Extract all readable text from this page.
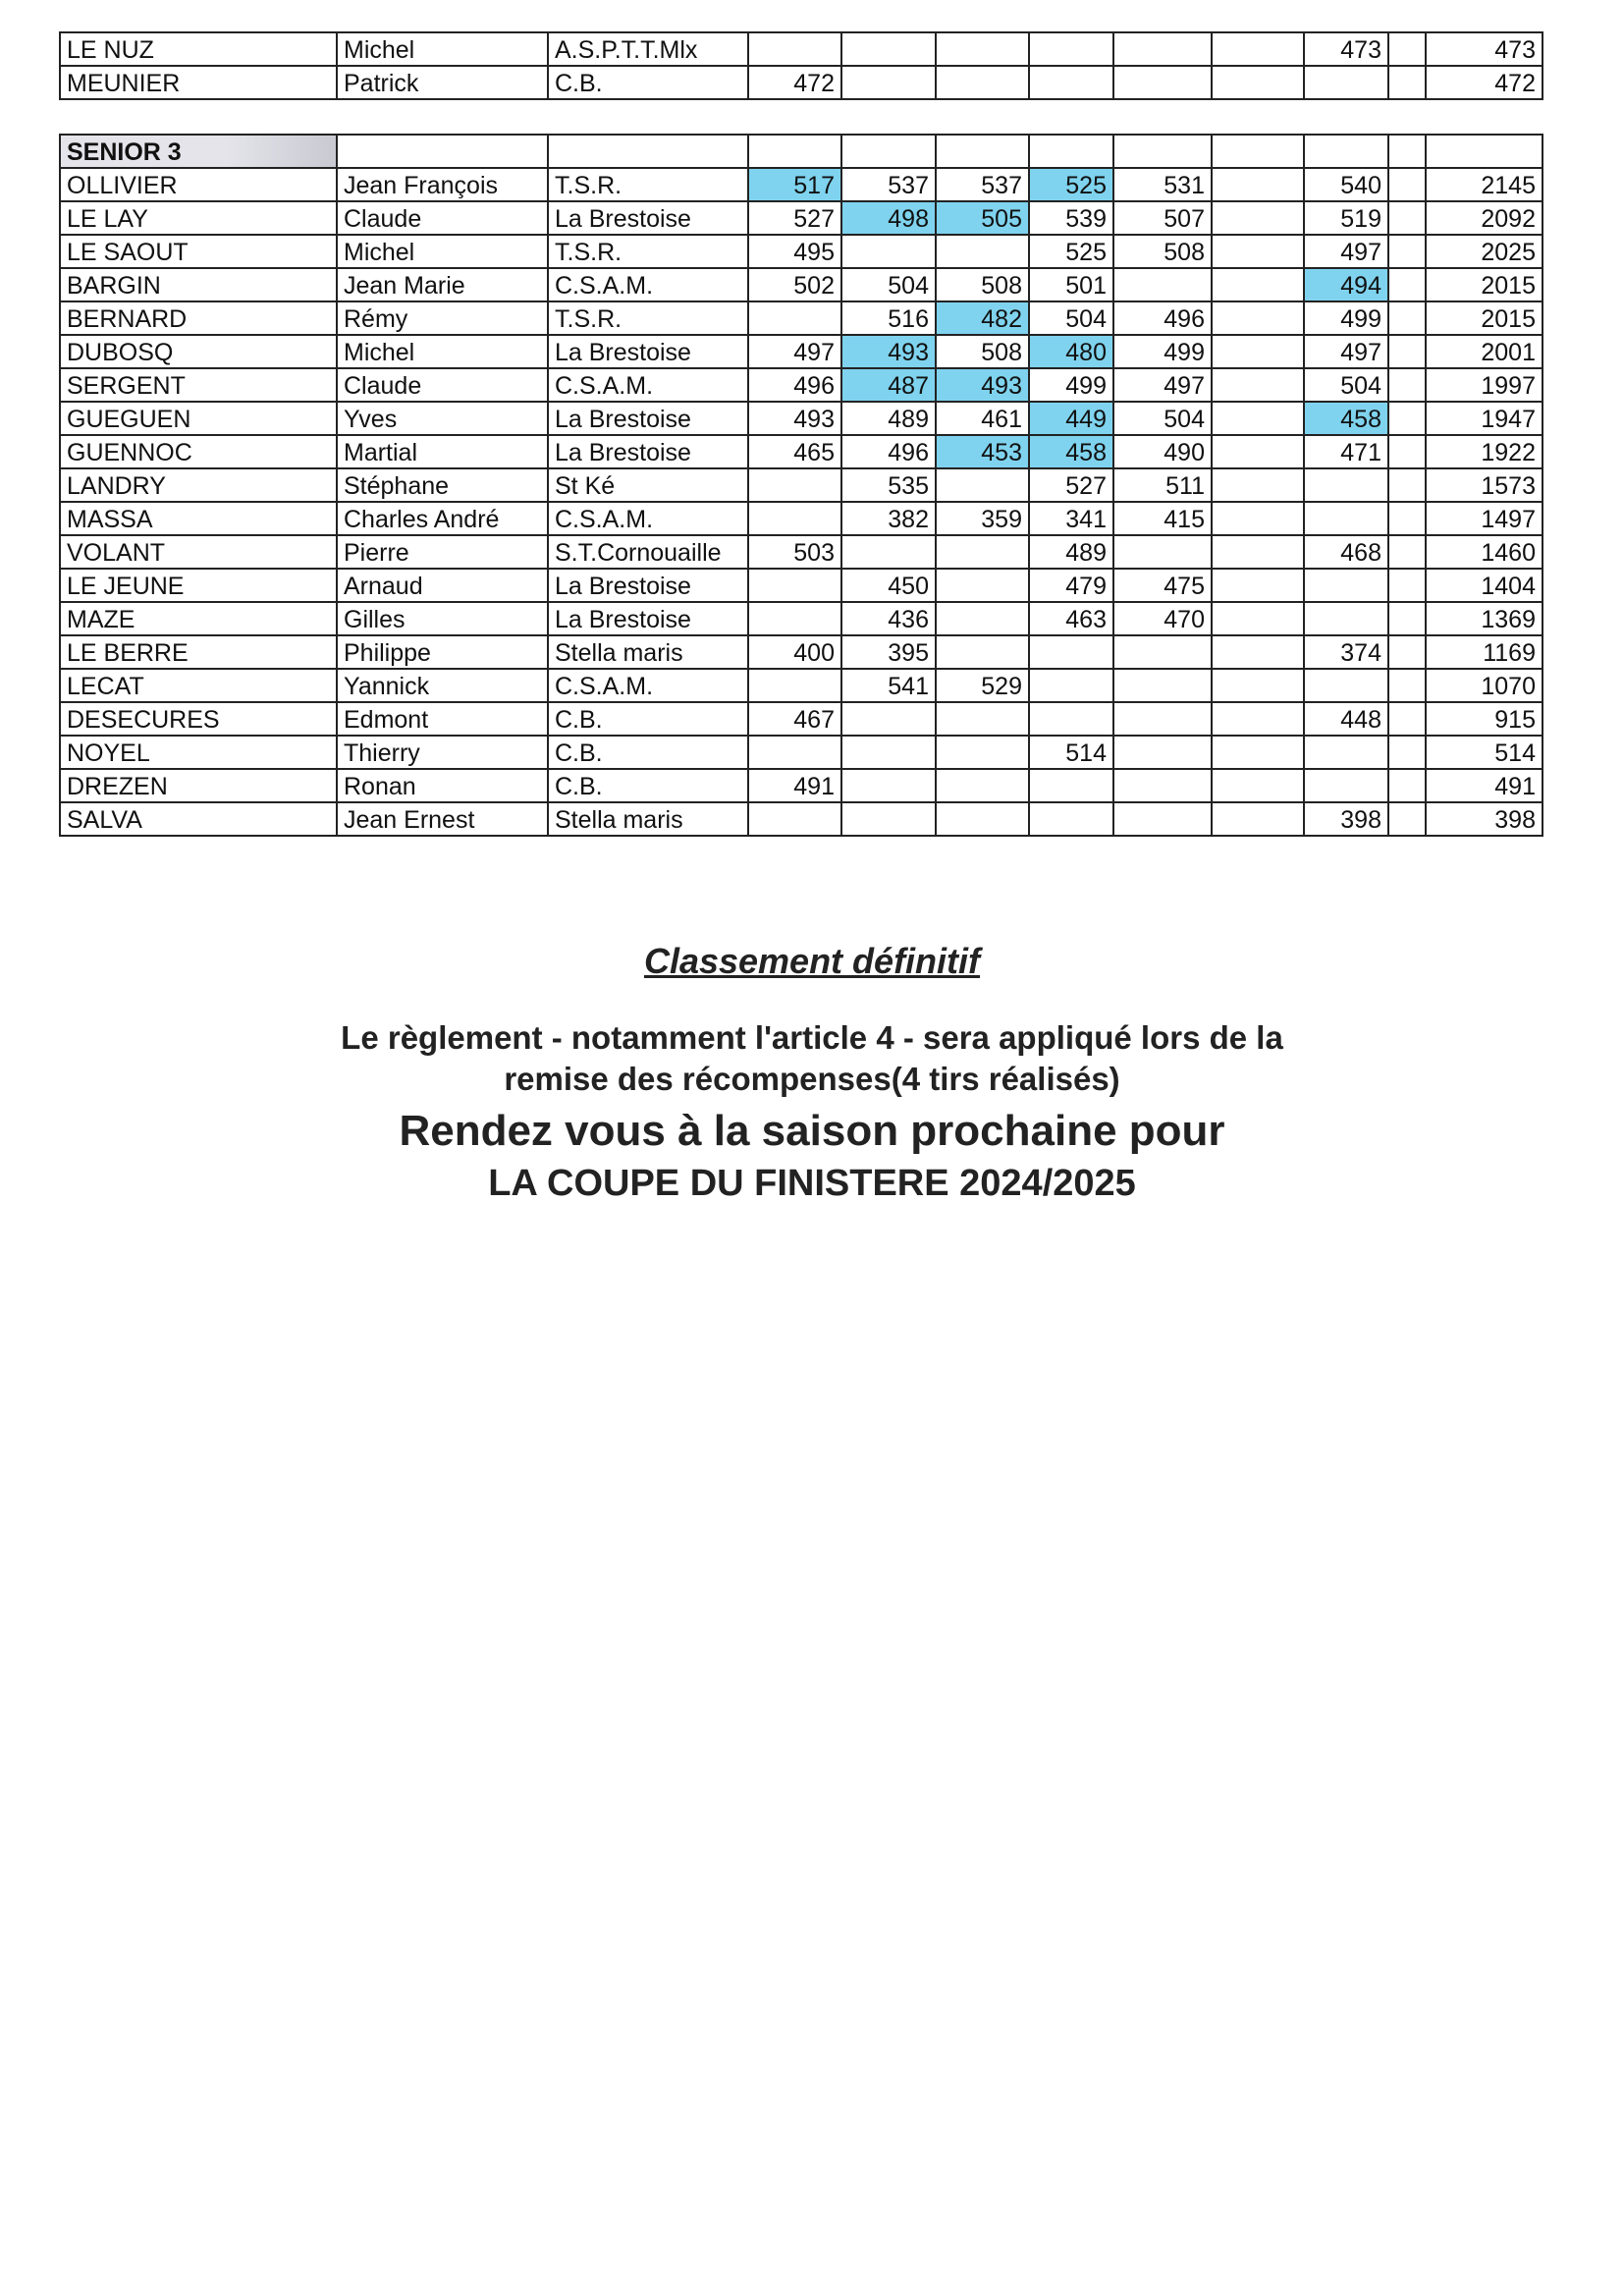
LE NUZ	Michel	A.S.P.T.T.Mlx							473		473
MEUNIER	Patrick	C.B.	472								472
SENIOR 3											
OLLIVIER	Jean François	T.S.R.	517	537	537	525	531		540		2145
LE LAY	Claude	La Brestoise	527	498	505	539	507		519		2092
LE SAOUT	Michel	T.S.R.	495			525	508		497		2025
BARGIN	Jean Marie	C.S.A.M.	502	504	508	501			494		2015
BERNARD	Rémy	T.S.R.		516	482	504	496		499		2015
DUBOSQ	Michel	La Brestoise	497	493	508	480	499		497		2001
SERGENT	Claude	C.S.A.M.	496	487	493	499	497		504		1997
GUEGUEN	Yves	La Brestoise	493	489	461	449	504		458		1947
GUENNOC	Martial	La Brestoise	465	496	453	458	490		471		1922
LANDRY	Stéphane	St Ké		535		527	511				1573
MASSA	Charles André	C.S.A.M.		382	359	341	415				1497
VOLANT	Pierre	S.T.Cornouaille	503			489			468		1460
LE JEUNE	Arnaud	La Brestoise		450		479	475				1404
MAZE	Gilles	La Brestoise		436		463	470				1369
LE BERRE	Philippe	Stella maris	400	395					374		1169
LECAT	Yannick	C.S.A.M.		541	529						1070
DESECURES	Edmont	C.B.	467						448		915
NOYEL	Thierry	C.B.				514					514
DREZEN	Ronan	C.B.	491								491
SALVA	Jean Ernest	Stella maris							398		398
Classement définitif
Le règlement - notamment l'article 4 - sera appliqué lors de la
remise des récompenses(4 tirs réalisés)
Rendez vous à la saison prochaine pour
LA COUPE DU FINISTERE 2024/2025
